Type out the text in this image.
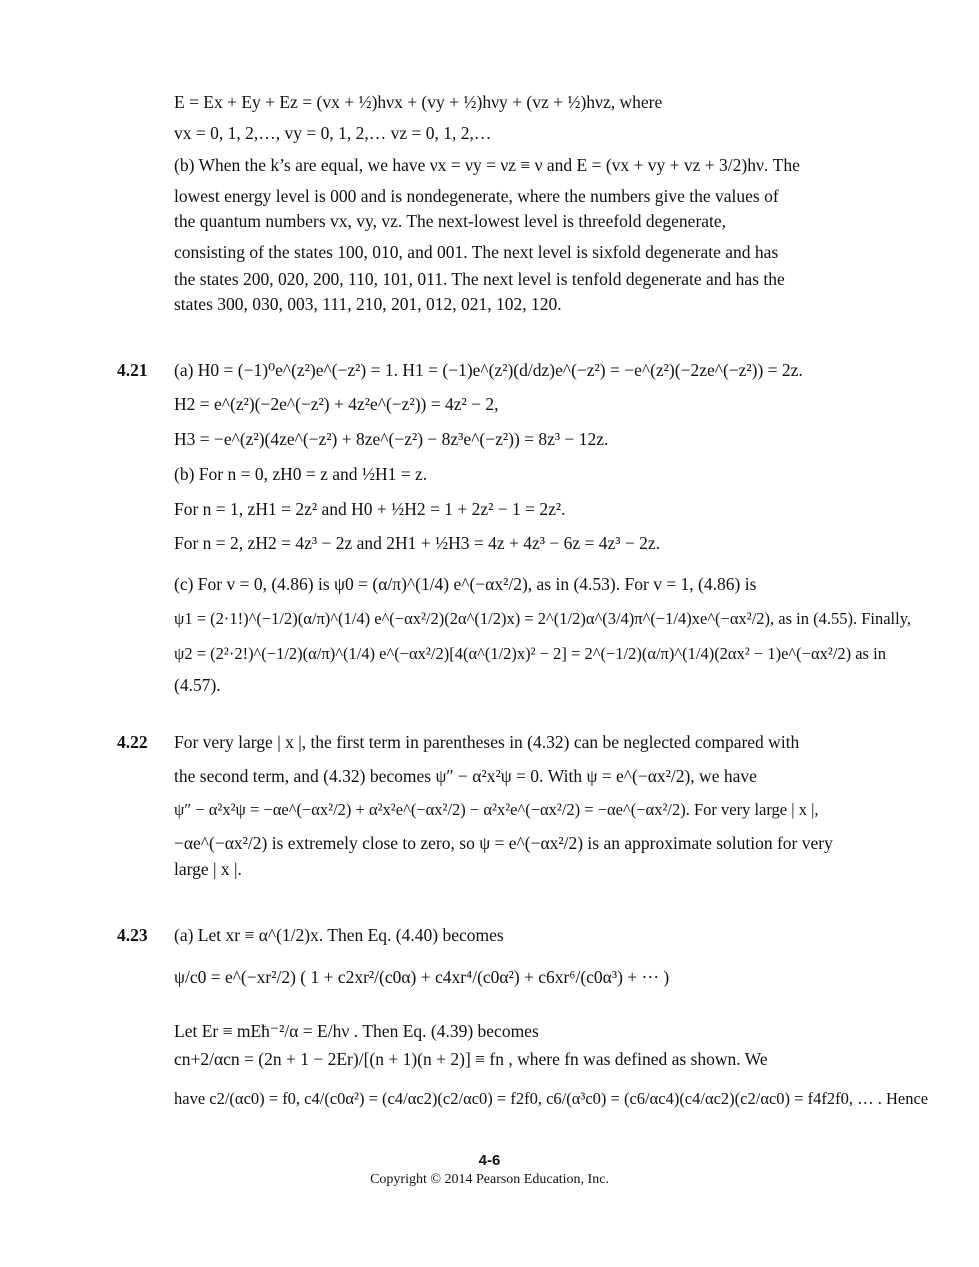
E = Ex + Ey + Ez = (vx + ½)hνx + (vy + ½)hνy + (vz + ½)hνz, where
vx = 0, 1, 2,…, vy = 0, 1, 2,… vz = 0, 1, 2,…
(b) When the k’s are equal, we have νx = νy = νz ≡ ν and E = (vx + vy + vz + 3/2)hν. The
lowest energy level is 000 and is nondegenerate, where the numbers give the values of
the quantum numbers vx, vy, vz. The next-lowest level is threefold degenerate,
consisting of the states 100, 010, and 001. The next level is sixfold degenerate and has
the states 200, 020, 200, 110, 101, 011. The next level is tenfold degenerate and has the
states 300, 030, 003, 111, 210, 201, 012, 021, 102, 120.
4.21 (a) H0 = (−1)⁰e^(z²)e^(−z²) = 1. H1 = (−1)e^(z²)(d/dz)e^(−z²) = −e^(z²)(−2ze^(−z²)) = 2z.
H2 = e^(z²)(−2e^(−z²) + 4z²e^(−z²)) = 4z² − 2,
H3 = −e^(z²)(4ze^(−z²) + 8ze^(−z²) − 8z³e^(−z²)) = 8z³ − 12z.
(b) For n = 0, zH0 = z and ½H1 = z.
For n = 1, zH1 = 2z² and H0 + ½H2 = 1 + 2z² − 1 = 2z².
For n = 2, zH2 = 4z³ − 2z and 2H1 + ½H3 = 4z + 4z³ − 6z = 4z³ − 2z.
(c) For v = 0, (4.86) is ψ0 = (α/π)^(1/4) e^(−αx²/2), as in (4.53). For v = 1, (4.86) is
ψ1 = (2·1!)^(−1/2)(α/π)^(1/4) e^(−αx²/2)(2α^(1/2)x) = 2^(1/2)α^(3/4)π^(−1/4)xe^(−αx²/2), as in (4.55). Finally,
ψ2 = (2²·2!)^(−1/2)(α/π)^(1/4) e^(−αx²/2)[4(α^(1/2)x)² − 2] = 2^(−1/2)(α/π)^(1/4)(2αx² − 1)e^(−αx²/2) as in
(4.57).
4.22 For very large | x |, the first term in parentheses in (4.32) can be neglected compared with
the second term, and (4.32) becomes ψ″ − α²x²ψ = 0. With ψ = e^(−αx²/2), we have
ψ″ − α²x²ψ = −αe^(−αx²/2) + α²x²e^(−αx²/2) − α²x²e^(−αx²/2) = −αe^(−αx²/2). For very large | x |,
−αe^(−αx²/2) is extremely close to zero, so ψ = e^(−αx²/2) is an approximate solution for very
large | x |.
4.23 (a) Let xr ≡ α^(1/2)x. Then Eq. (4.40) becomes
ψ/c0 = e^(−xr²/2) ( 1 + c2xr²/(c0α) + c4xr⁴/(c0α²) + c6xr⁶/(c0α³) + ··· )
Let Er ≡ mEħ⁻²/α = E/hν . Then Eq. (4.39) becomes
cn+2/αcn = (2n + 1 − 2Er)/[(n + 1)(n + 2)] ≡ fn , where fn was defined as shown. We
have c2/(αc0) = f0, c4/(c0α²) = (c4/αc2)(c2/αc0) = f2f0, c6/(α³c0) = (c6/αc4)(c4/αc2)(c2/αc0) = f4f2f0, … . Hence
4-6
Copyright © 2014 Pearson Education, Inc.
